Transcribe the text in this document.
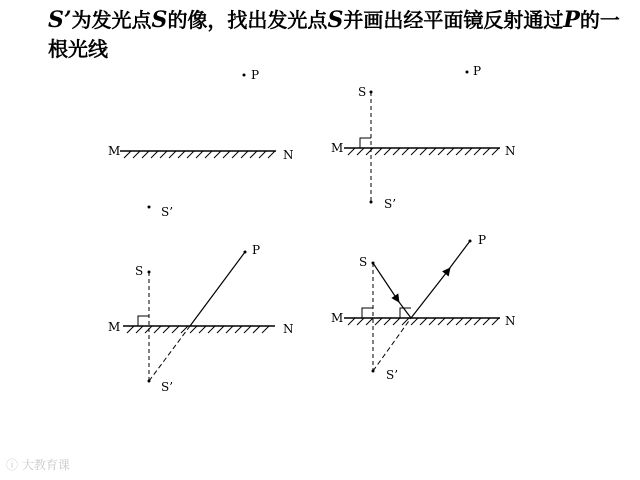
S’为发光点S的像，找出发光点S并画出经平面镜反射通过P的一根光线
M	N
P
S’
M	N
S
S’
P
M	N
S
S’
P
M	N
S
S’
P
ⓘ 大教育课
